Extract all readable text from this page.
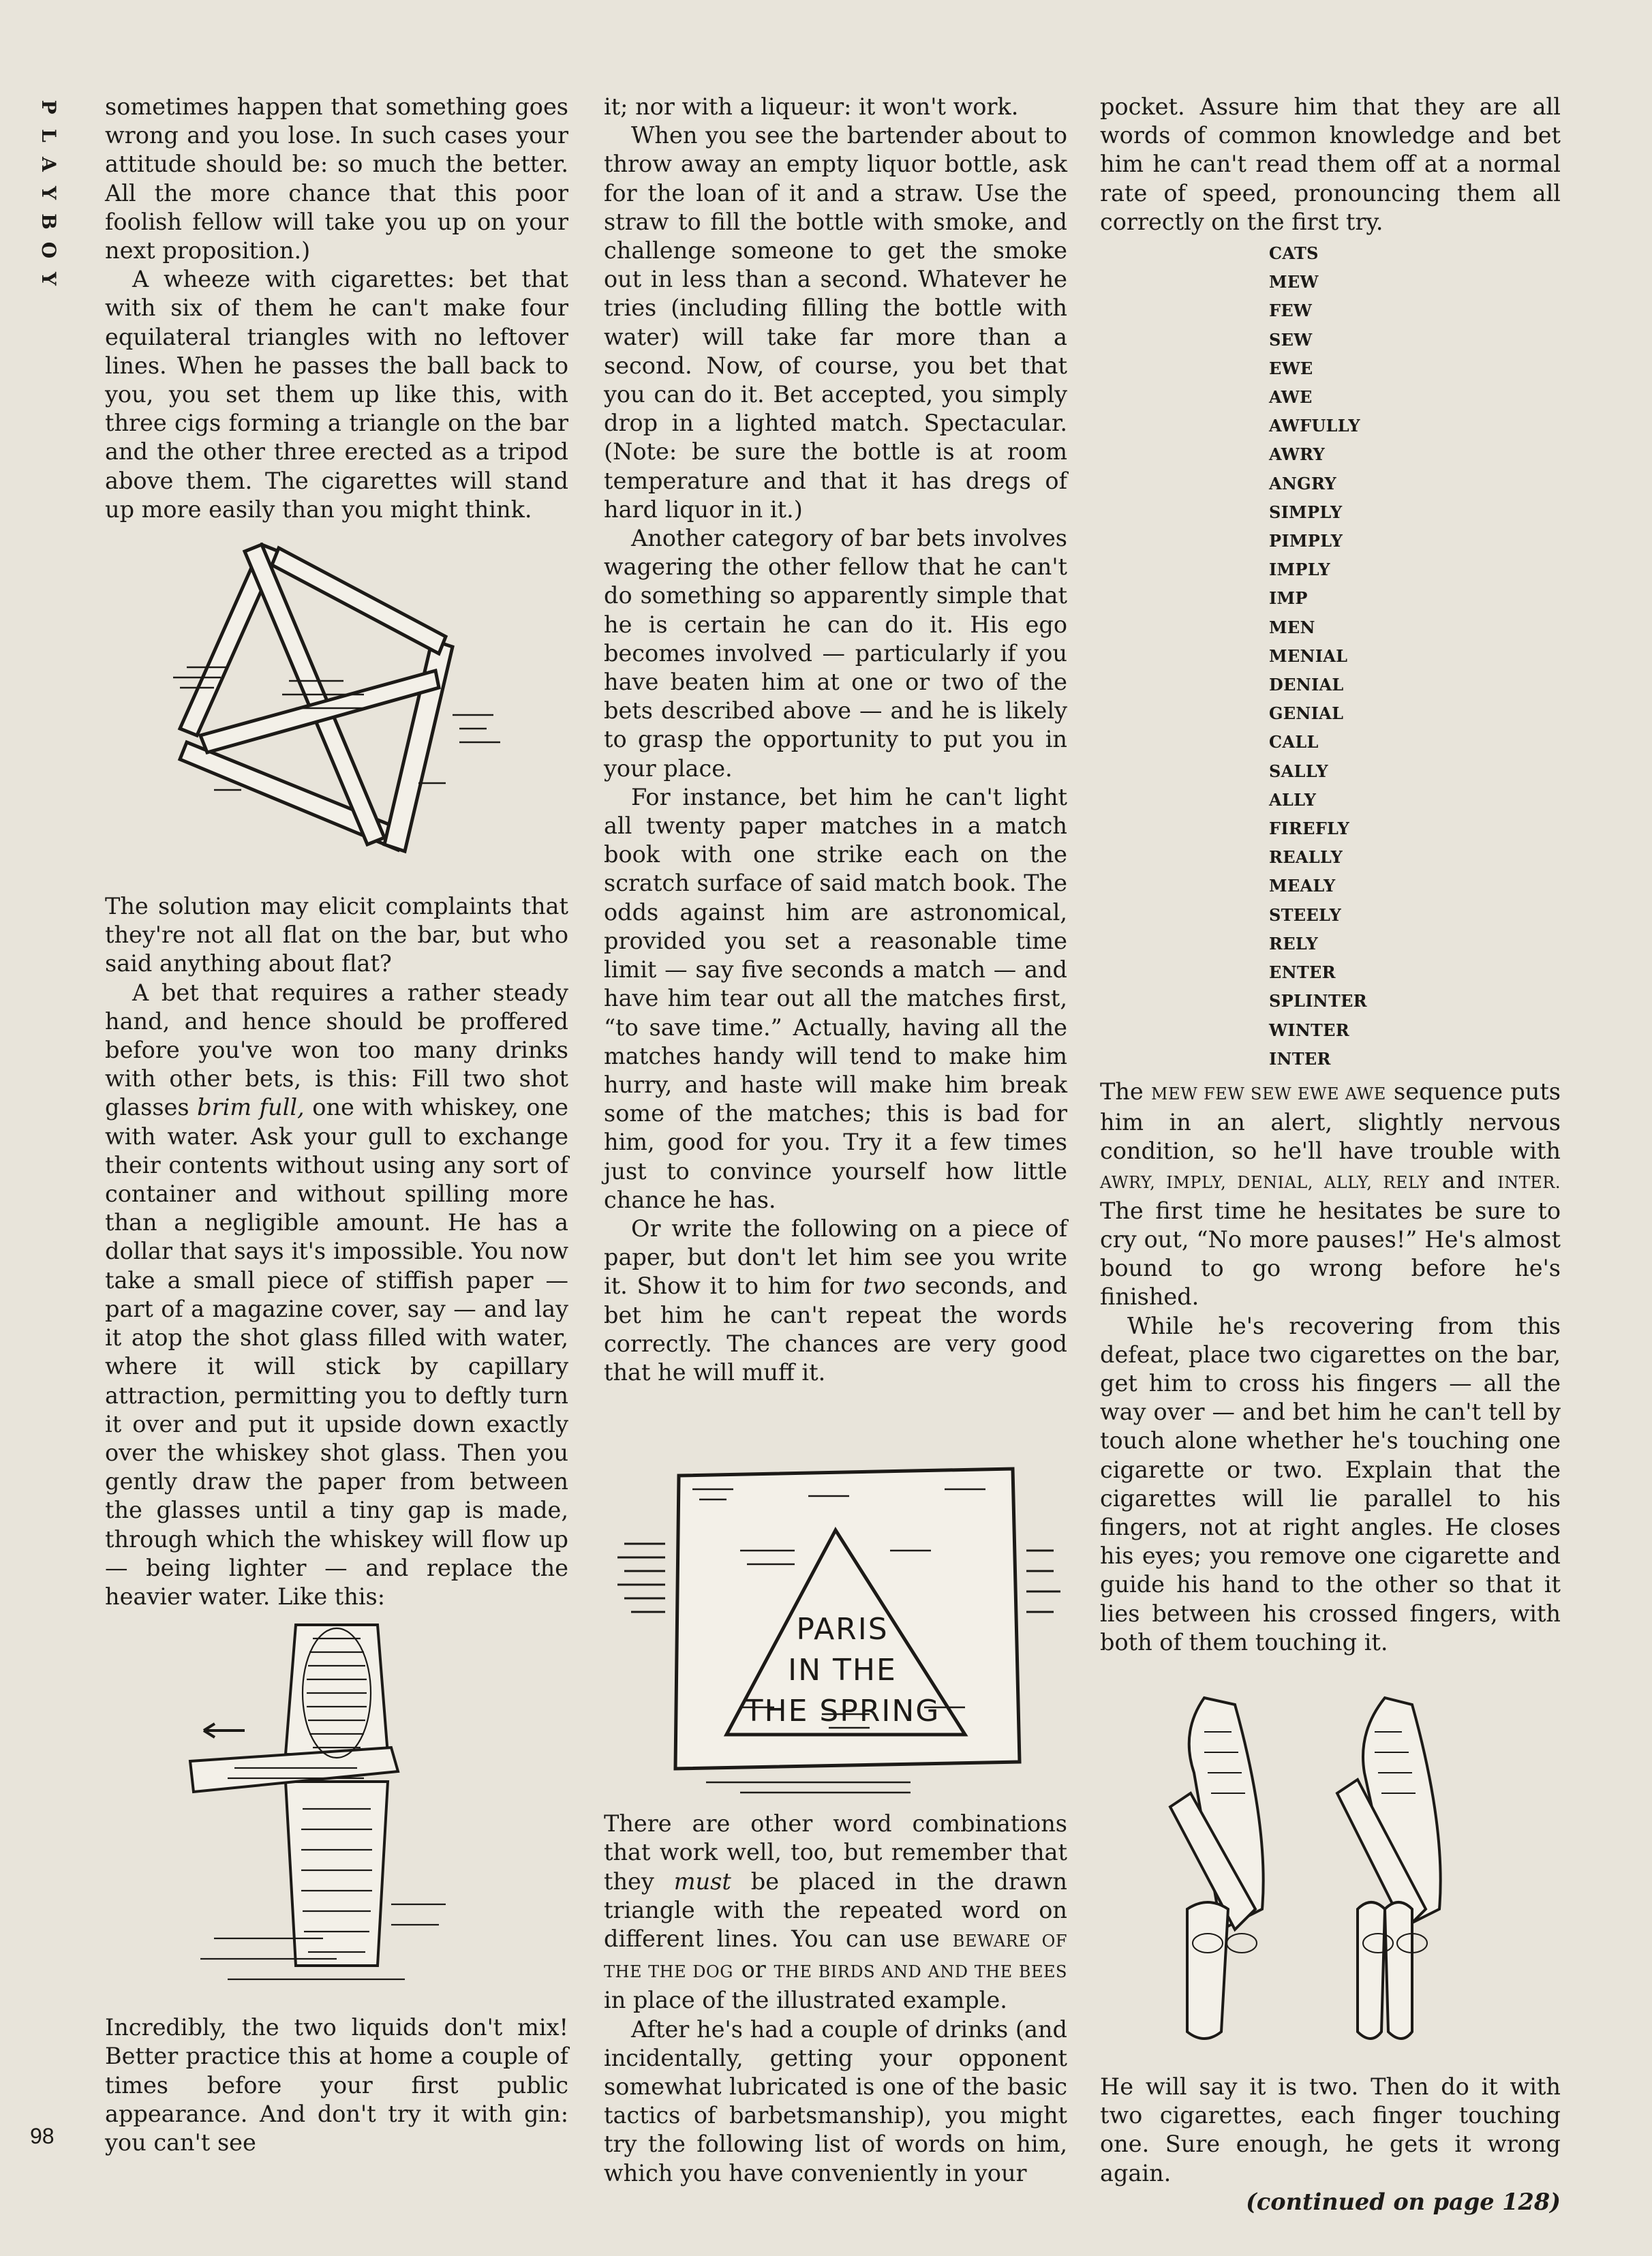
P
L
A
Y
B
O
Y

sometimes happen that something goes wrong and you lose. In such cases your attitude should be: so much the better. All the more chance that this poor foolish fellow will take you up on your next proposition.)

A wheeze with cigarettes: bet that with six of them he can't make four equilateral triangles with no leftover lines. When he passes the ball back to you, you set them up like this, with three cigs forming a triangle on the bar and the other three erected as a tripod above them. The cigarettes will stand up more easily than you might think.

The solution may elicit complaints that they're not all flat on the bar, but who said anything about flat?

A bet that requires a rather steady hand, and hence should be proffered before you've won too many drinks with other bets, is this: Fill two shot glasses brim full, one with whiskey, one with water. Ask your gull to exchange their contents without using any sort of container and without spilling more than a negligible amount. He has a dollar that says it's impossible. You now take a small piece of stiffish paper — part of a magazine cover, say — and lay it atop the shot glass filled with water, where it will stick by capillary attraction, permitting you to deftly turn it over and put it upside down exactly over the whiskey shot glass. Then you gently draw the paper from between the glasses until a tiny gap is made, through which the whiskey will flow up — being lighter — and replace the heavier water. Like this:

Incredibly, the two liquids don't mix! Better practice this at home a couple of times before your first public appearance. And don't try it with gin: you can't see

it; nor with a liqueur: it won't work.

When you see the bartender about to throw away an empty liquor bottle, ask for the loan of it and a straw. Use the straw to fill the bottle with smoke, and challenge someone to get the smoke out in less than a second. Whatever he tries (including filling the bottle with water) will take far more than a second. Now, of course, you bet that you can do it. Bet accepted, you simply drop in a lighted match. Spectacular. (Note: be sure the bottle is at room temperature and that it has dregs of hard liquor in it.)

Another category of bar bets involves wagering the other fellow that he can't do something so apparently simple that he is certain he can do it. His ego becomes involved — particularly if you have beaten him at one or two of the bets described above — and he is likely to grasp the opportunity to put you in your place.

For instance, bet him he can't light all twenty paper matches in a match book with one strike each on the scratch surface of said match book. The odds against him are astronomical, provided you set a reasonable time limit — say five seconds a match — and have him tear out all the matches first, “to save time.” Actually, having all the matches handy will tend to make him hurry, and haste will make him break some of the matches; this is bad for him, good for you. Try it a few times just to convince yourself how little chance he has.

Or write the following on a piece of paper, but don't let him see you write it. Show it to him for two seconds, and bet him he can't repeat the words correctly. The chances are very good that he will muff it.

PARIS
IN THE
THE SPRING

There are other word combinations that work well, too, but remember that they must be placed in the drawn triangle with the repeated word on different lines. You can use BEWARE OF THE THE DOG or THE BIRDS AND AND THE BEES in place of the illustrated example.

After he's had a couple of drinks (and incidentally, getting your opponent somewhat lubricated is one of the basic tactics of barbetsmanship), you might try the following list of words on him, which you have conveniently in your

pocket. Assure him that they are all words of common knowledge and bet him he can't read them off at a normal rate of speed, pronouncing them all correctly on the first try.

CATS
MEW
FEW
SEW
EWE
AWE
AWFULLY
AWRY
ANGRY
SIMPLY
PIMPLY
IMPLY
IMP
MEN
MENIAL
DENIAL
GENIAL
CALL
SALLY
ALLY
FIREFLY
REALLY
MEALY
STEELY
RELY
ENTER
SPLINTER
WINTER
INTER

The MEW FEW SEW EWE AWE sequence puts him in an alert, slightly nervous condition, so he'll have trouble with AWRY, IMPLY, DENIAL, ALLY, RELY and INTER. The first time he hesitates be sure to cry out, “No more pauses!” He's almost bound to go wrong before he's finished.

While he's recovering from this defeat, place two cigarettes on the bar, get him to cross his fingers — all the way over — and bet him he can't tell by touch alone whether he's touching one cigarette or two. Explain that the cigarettes will lie parallel to his fingers, not at right angles. He closes his eyes; you remove one cigarette and guide his hand to the other so that it lies between his crossed fingers, with both of them touching it.

He will say it is two. Then do it with two cigarettes, each finger touching one. Sure enough, he gets it wrong again.

(continued on page 128)

98
